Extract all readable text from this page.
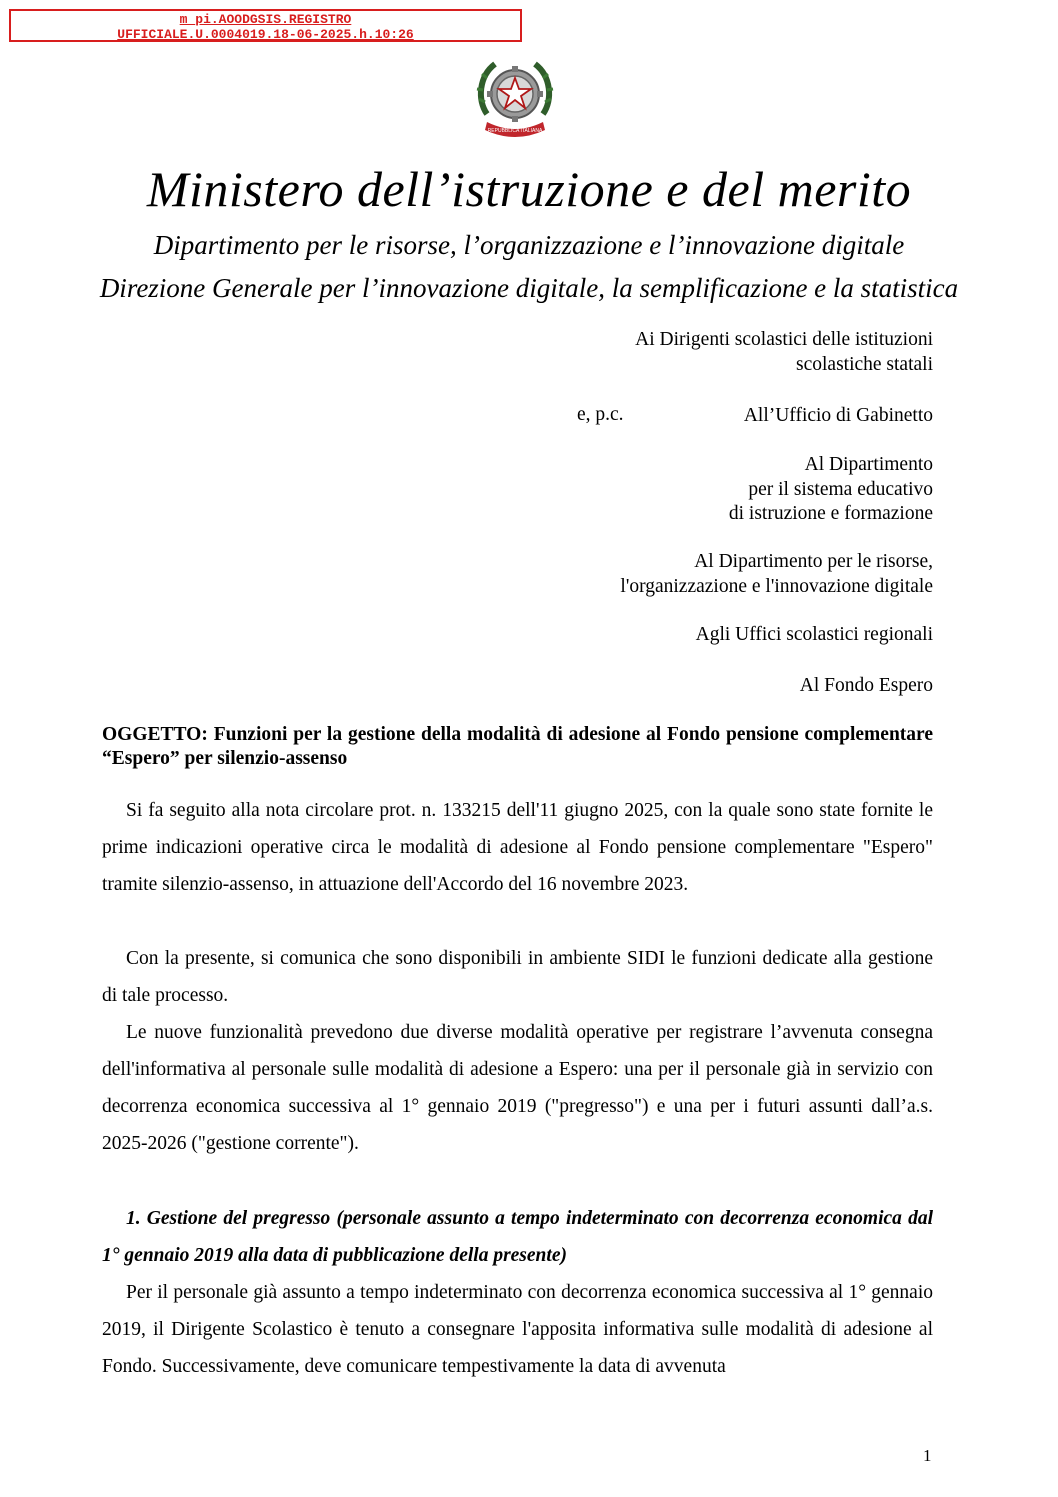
m_pi.AOODGSIS.REGISTRO
UFFICIALE.U.0004019.18-06-2025.h.10:26
REPUBBLICA ITALIANA
Ministero dell’istruzione e del merito
Dipartimento per le risorse, l’organizzazione e l’innovazione digitale
Direzione Generale per l’innovazione digitale, la semplificazione e la statistica
Ai Dirigenti scolastici delle istituzioni
scolastiche statali
e, p.c.	All’Ufficio di Gabinetto
Al Dipartimento
per il sistema educativo
di istruzione e formazione
Al Dipartimento per le risorse,
l'organizzazione e l'innovazione digitale
Agli Uffici scolastici regionali
Al Fondo Espero
OGGETTO: Funzioni per la gestione della modalità di adesione al Fondo pensione complementare “Espero” per silenzio-assenso

Si fa seguito alla nota circolare prot. n. 133215 dell'11 giugno 2025, con la quale sono state fornite le prime indicazioni operative circa le modalità di adesione al Fondo pensione complementare "Espero" tramite silenzio-assenso, in attuazione dell'Accordo del 16 novembre 2023.

Con la presente, si comunica che sono disponibili in ambiente SIDI le funzioni dedicate alla gestione di tale processo.

Le nuove funzionalità prevedono due diverse modalità operative per registrare l’avvenuta consegna dell'informativa al personale sulle modalità di adesione a Espero: una per il personale già in servizio con decorrenza economica successiva al 1° gennaio 2019 ("pregresso") e una per i futuri assunti dall’a.s. 2025-2026 ("gestione corrente").

1. Gestione del pregresso (personale assunto a tempo indeterminato con decorrenza economica dal 1° gennaio 2019 alla data di pubblicazione della presente)

Per il personale già assunto a tempo indeterminato con decorrenza economica successiva al 1° gennaio 2019, il Dirigente Scolastico è tenuto a consegnare l'apposita informativa sulle modalità di adesione al Fondo. Successivamente, deve comunicare tempestivamente la data di avvenuta

1
